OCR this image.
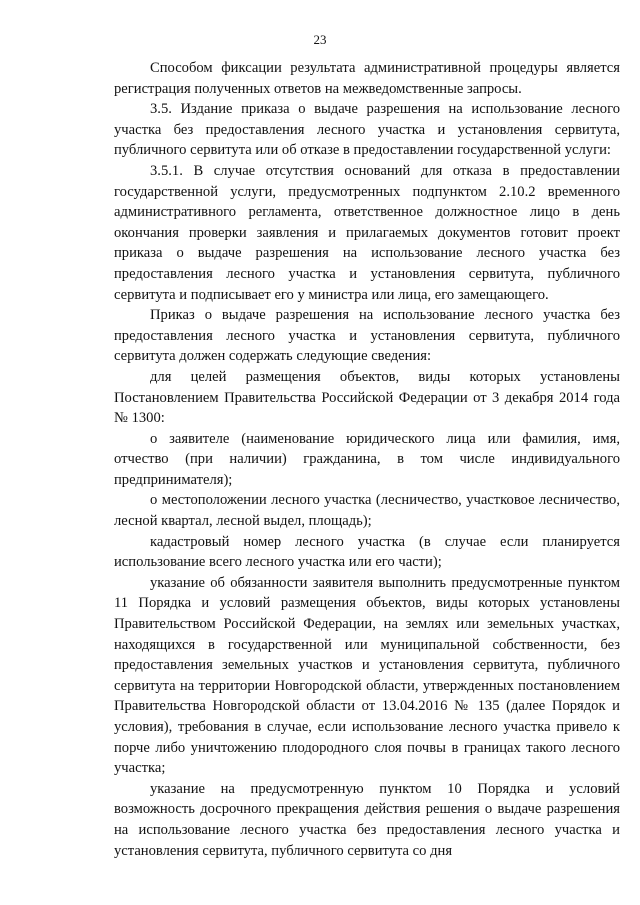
23

Способом фиксации результата административной процедуры является регистрация полученных ответов на межведомственные запросы.

3.5. Издание приказа о выдаче разрешения на использование лесного участка без предоставления лесного участка и установления сервитута, публичного сервитута или об отказе в предоставлении государственной услуги:

3.5.1. В случае отсутствия оснований для отказа в предоставлении государственной услуги, предусмотренных подпунктом 2.10.2 временного административного регламента, ответственное должностное лицо в день окончания проверки заявления и прилагаемых документов готовит проект приказа о выдаче разрешения на использование лесного участка без предоставления лесного участка и установления сервитута, публичного сервитута и подписывает его у министра или лица, его замещающего.

Приказ о выдаче разрешения на использование лесного участка без предоставления лесного участка и установления сервитута, публичного сервитута должен содержать следующие сведения:

для целей размещения объектов, виды которых установлены Постановлением Правительства Российской Федерации от 3 декабря 2014 года № 1300:

о заявителе (наименование юридического лица или фамилия, имя, отчество (при наличии) гражданина, в том числе индивидуального предпринимателя);

о местоположении лесного участка (лесничество, участковое лесничество, лесной квартал, лесной выдел, площадь);

кадастровый номер лесного участка (в случае если планируется использование всего лесного участка или его части);

указание об обязанности заявителя выполнить предусмотренные пунктом 11 Порядка и условий размещения объектов, виды которых установлены Правительством Российской Федерации, на землях или земельных участках, находящихся в государственной или муниципальной собственности, без предоставления земельных участков и установления сервитута, публичного сервитута на территории Новгородской области, утвержденных постановлением Правительства Новгородской области от 13.04.2016 № 135 (далее Порядок и условия), требования в случае, если использование лесного участка привело к порче либо уничтожению плодородного слоя почвы в границах такого лесного участка;

указание на предусмотренную пунктом 10 Порядка и условий возможность досрочного прекращения действия решения о выдаче разрешения на использование лесного участка без предоставления лесного участка и установления сервитута, публичного сервитута со дня
